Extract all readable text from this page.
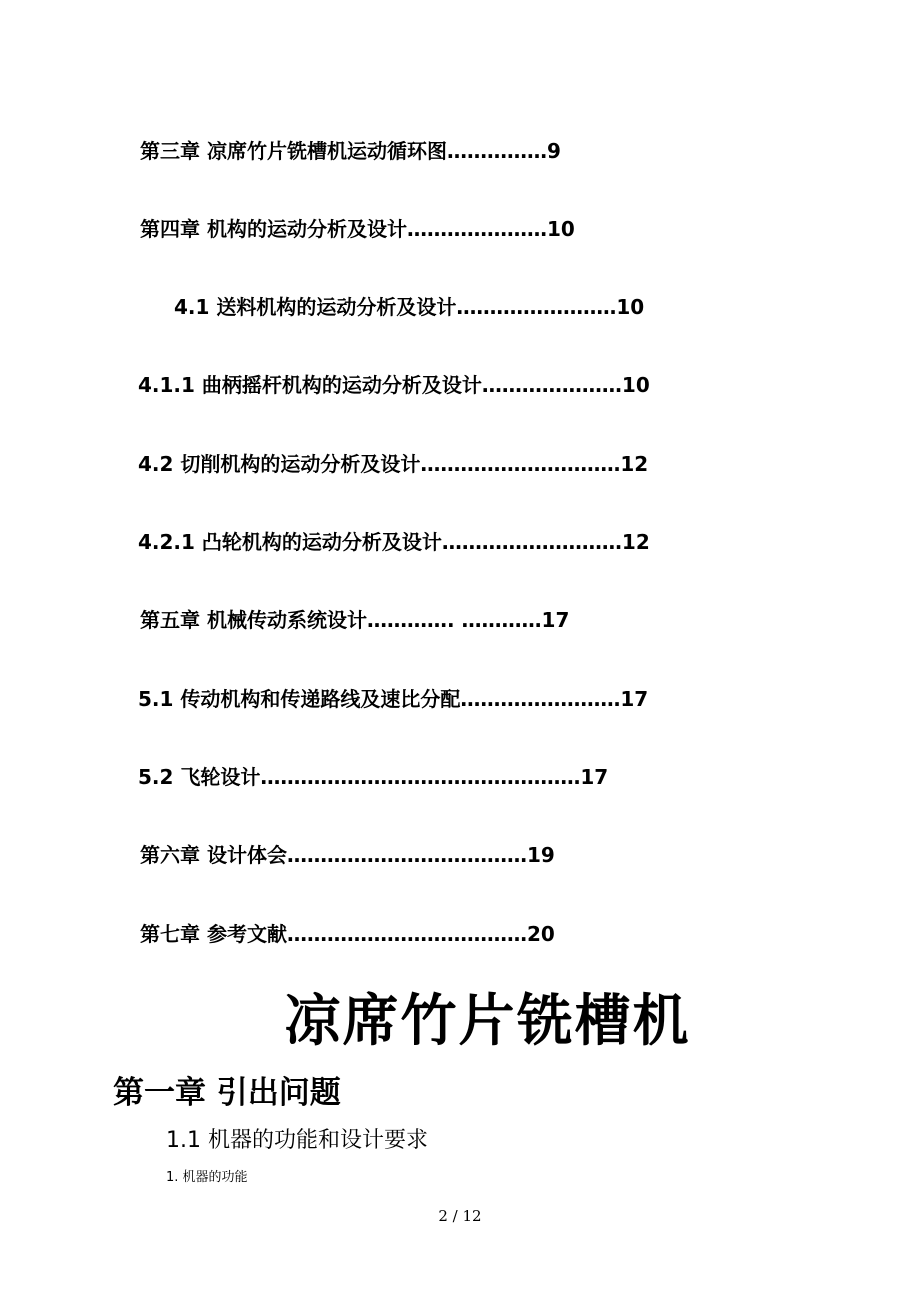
第三章 凉席竹片铣槽机运动循环图……………9
第四章 机构的运动分析及设计…………………10
4.1 送料机构的运动分析及设计……………………10
4.1.1 曲柄摇杆机构的运动分析及设计…………………10
4.2 切削机构的运动分析及设计…………………………12
4.2.1 凸轮机构的运动分析及设计………………………12
第五章 机械传动系统设计…………. …………17
5.1 传动机构和传递路线及速比分配……………………17
5.2 飞轮设计…………………………………………17
第六章 设计体会………………………………19
第七章 参考文献………………………………20
凉席竹片铣槽机
第一章 引出问题
1.1 机器的功能和设计要求
1. 机器的功能
2 / 12
